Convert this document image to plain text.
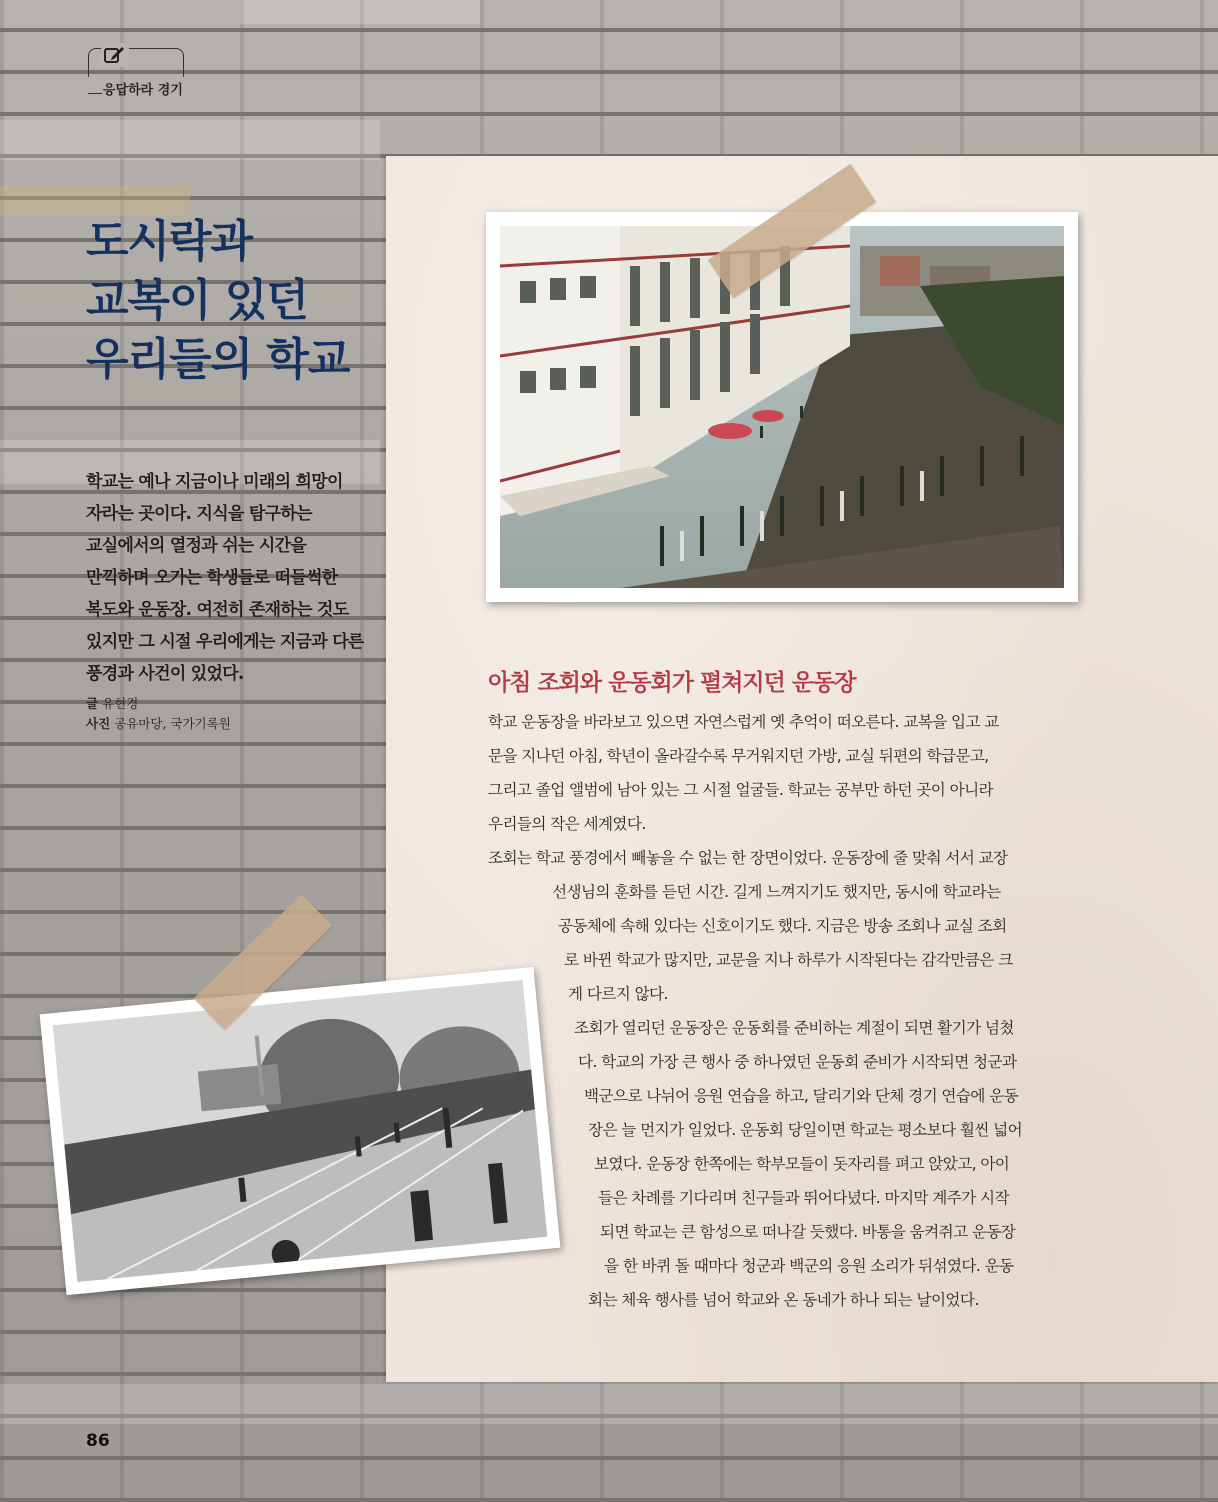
응답하라 경기
도시락과
교복이 있던
우리들의 학교
학교는 예나 지금이나 미래의 희망이
자라는 곳이다. 지식을 탐구하는
교실에서의 열정과 쉬는 시간을
만끽하며 오가는 학생들로 떠들썩한
복도와 운동장. 여전히 존재하는 것도
있지만 그 시절 우리에게는 지금과 다른
풍경과 사건이 있었다.
글 유현경
사진 공유마당, 국가기록원
아침 조회와 운동회가 펼쳐지던 운동장
학교 운동장을 바라보고 있으면 자연스럽게 옛 추억이 떠오른다. 교복을 입고 교
문을 지나던 아침, 학년이 올라갈수록 무거워지던 가방, 교실 뒤편의 학급문고,
그리고 졸업 앨범에 남아 있는 그 시절 얼굴들. 학교는 공부만 하던 곳이 아니라
우리들의 작은 세계였다.
조회는 학교 풍경에서 빼놓을 수 없는 한 장면이었다. 운동장에 줄 맞춰 서서 교장
선생님의 훈화를 듣던 시간. 길게 느껴지기도 했지만, 동시에 학교라는
공동체에 속해 있다는 신호이기도 했다. 지금은 방송 조회나 교실 조회
로 바뀐 학교가 많지만, 교문을 지나 하루가 시작된다는 감각만큼은 크
게 다르지 않다.
조회가 열리던 운동장은 운동회를 준비하는 계절이 되면 활기가 넘쳤
다. 학교의 가장 큰 행사 중 하나였던 운동회 준비가 시작되면 청군과
백군으로 나뉘어 응원 연습을 하고, 달리기와 단체 경기 연습에 운동
장은 늘 먼지가 일었다. 운동회 당일이면 학교는 평소보다 훨씬 넓어
보였다. 운동장 한쪽에는 학부모들이 돗자리를 펴고 앉았고, 아이
들은 차례를 기다리며 친구들과 뛰어다녔다. 마지막 계주가 시작
되면 학교는 큰 함성으로 떠나갈 듯했다. 바통을 움켜쥐고 운동장
을 한 바퀴 돌 때마다 청군과 백군의 응원 소리가 뒤섞였다. 운동
회는 체육 행사를 넘어 학교와 온 동네가 하나 되는 날이었다.
86
